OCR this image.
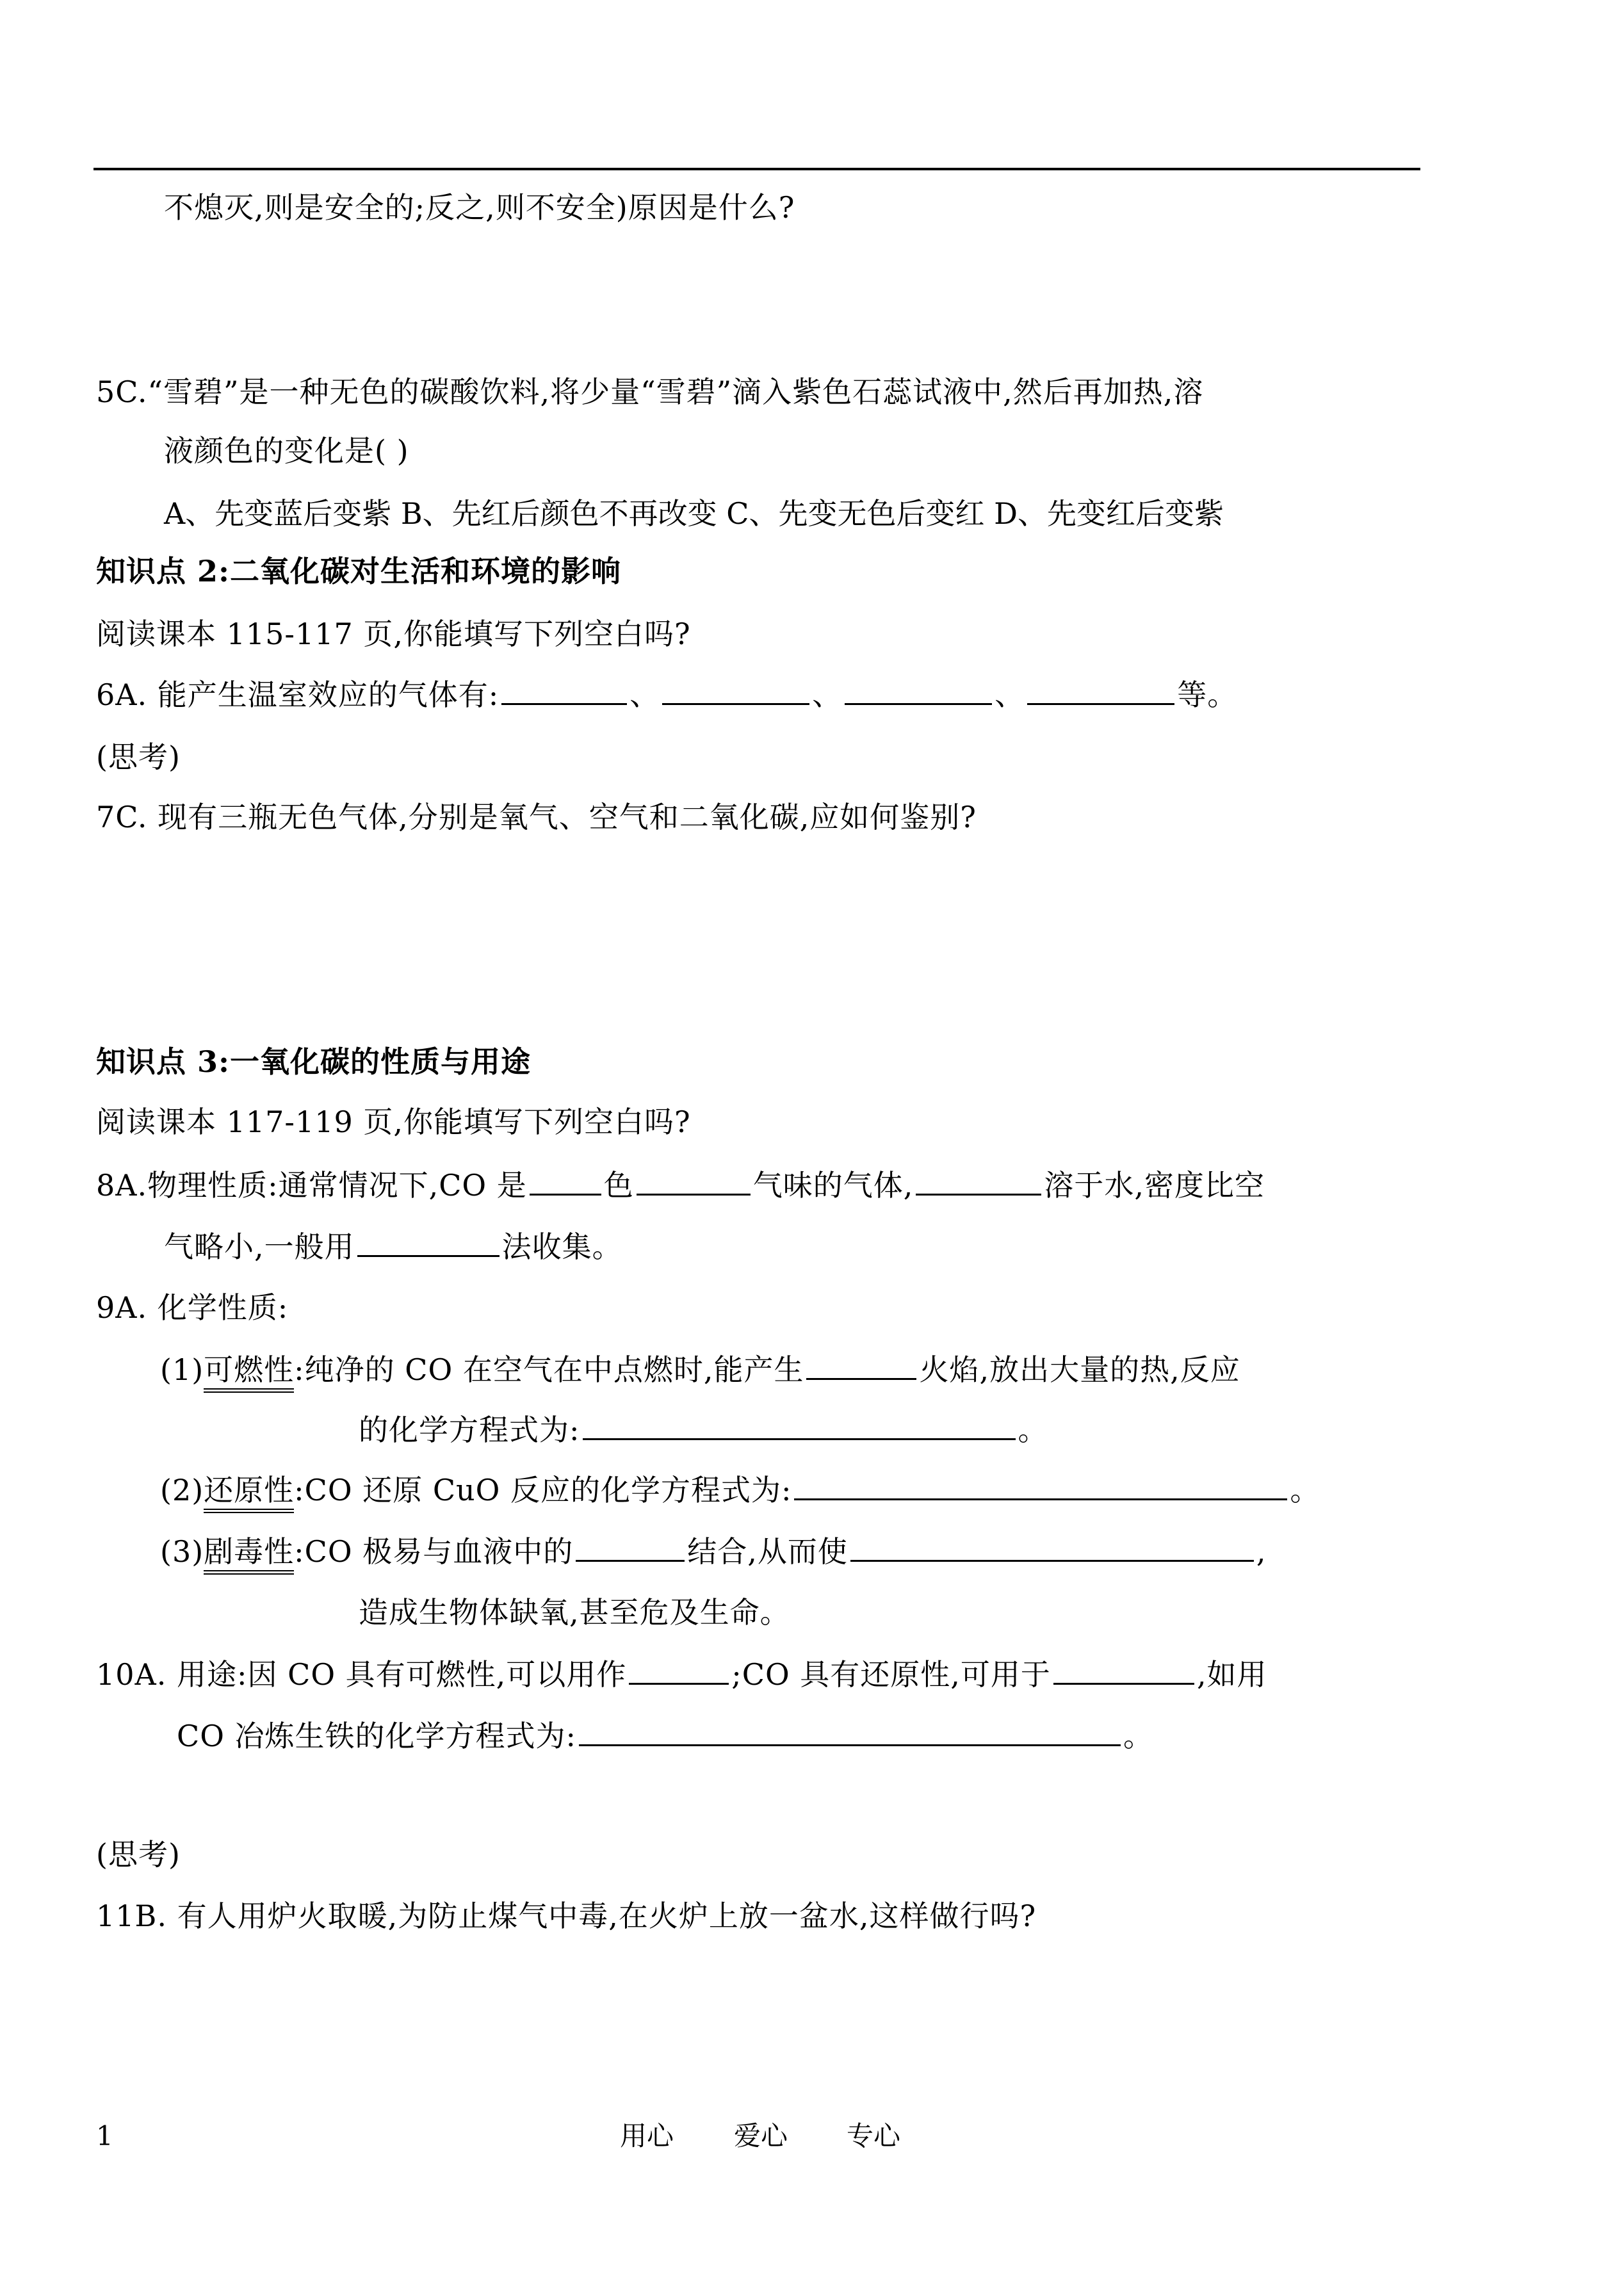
不熄灭,则是安全的;反之,则不安全)原因是什么?
5C.“雪碧”是一种无色的碳酸饮料,将少量“雪碧”滴入紫色石蕊试液中,然后再加热,溶
液颜色的变化是( )
A、先变蓝后变紫 B、先红后颜色不再改变 C、先变无色后变红 D、先变红后变紫
知识点 2:二氧化碳对生活和环境的影响
阅读课本 115-117 页,你能填写下列空白吗?
6A. 能产生温室效应的气体有:	、	、	、	等。
(思考)
7C. 现有三瓶无色气体,分别是氧气、空气和二氧化碳,应如何鉴别?
知识点 3:一氧化碳的性质与用途
阅读课本 117-119 页,你能填写下列空白吗?
8A.物理性质:通常情况下,CO 是	色	气味的气体,	溶于水,密度比空
气略小,一般用	法收集。
9A. 化学性质:
(1)可燃性:纯净的 CO 在空气在中点燃时,能产生	火焰,放出大量的热,反应
的化学方程式为:	。
(2)还原性:CO 还原 CuO 反应的化学方程式为:	。
(3)剧毒性:CO 极易与血液中的	结合,从而使	,
造成生物体缺氧,甚至危及生命。
10A. 用途:因 CO 具有可燃性,可以用作	;CO 具有还原性,可用于	,如用
CO 冶炼生铁的化学方程式为:	。
(思考)
11B. 有人用炉火取暖,为防止煤气中毒,在火炉上放一盆水,这样做行吗?
1	用心 爱心 专心
